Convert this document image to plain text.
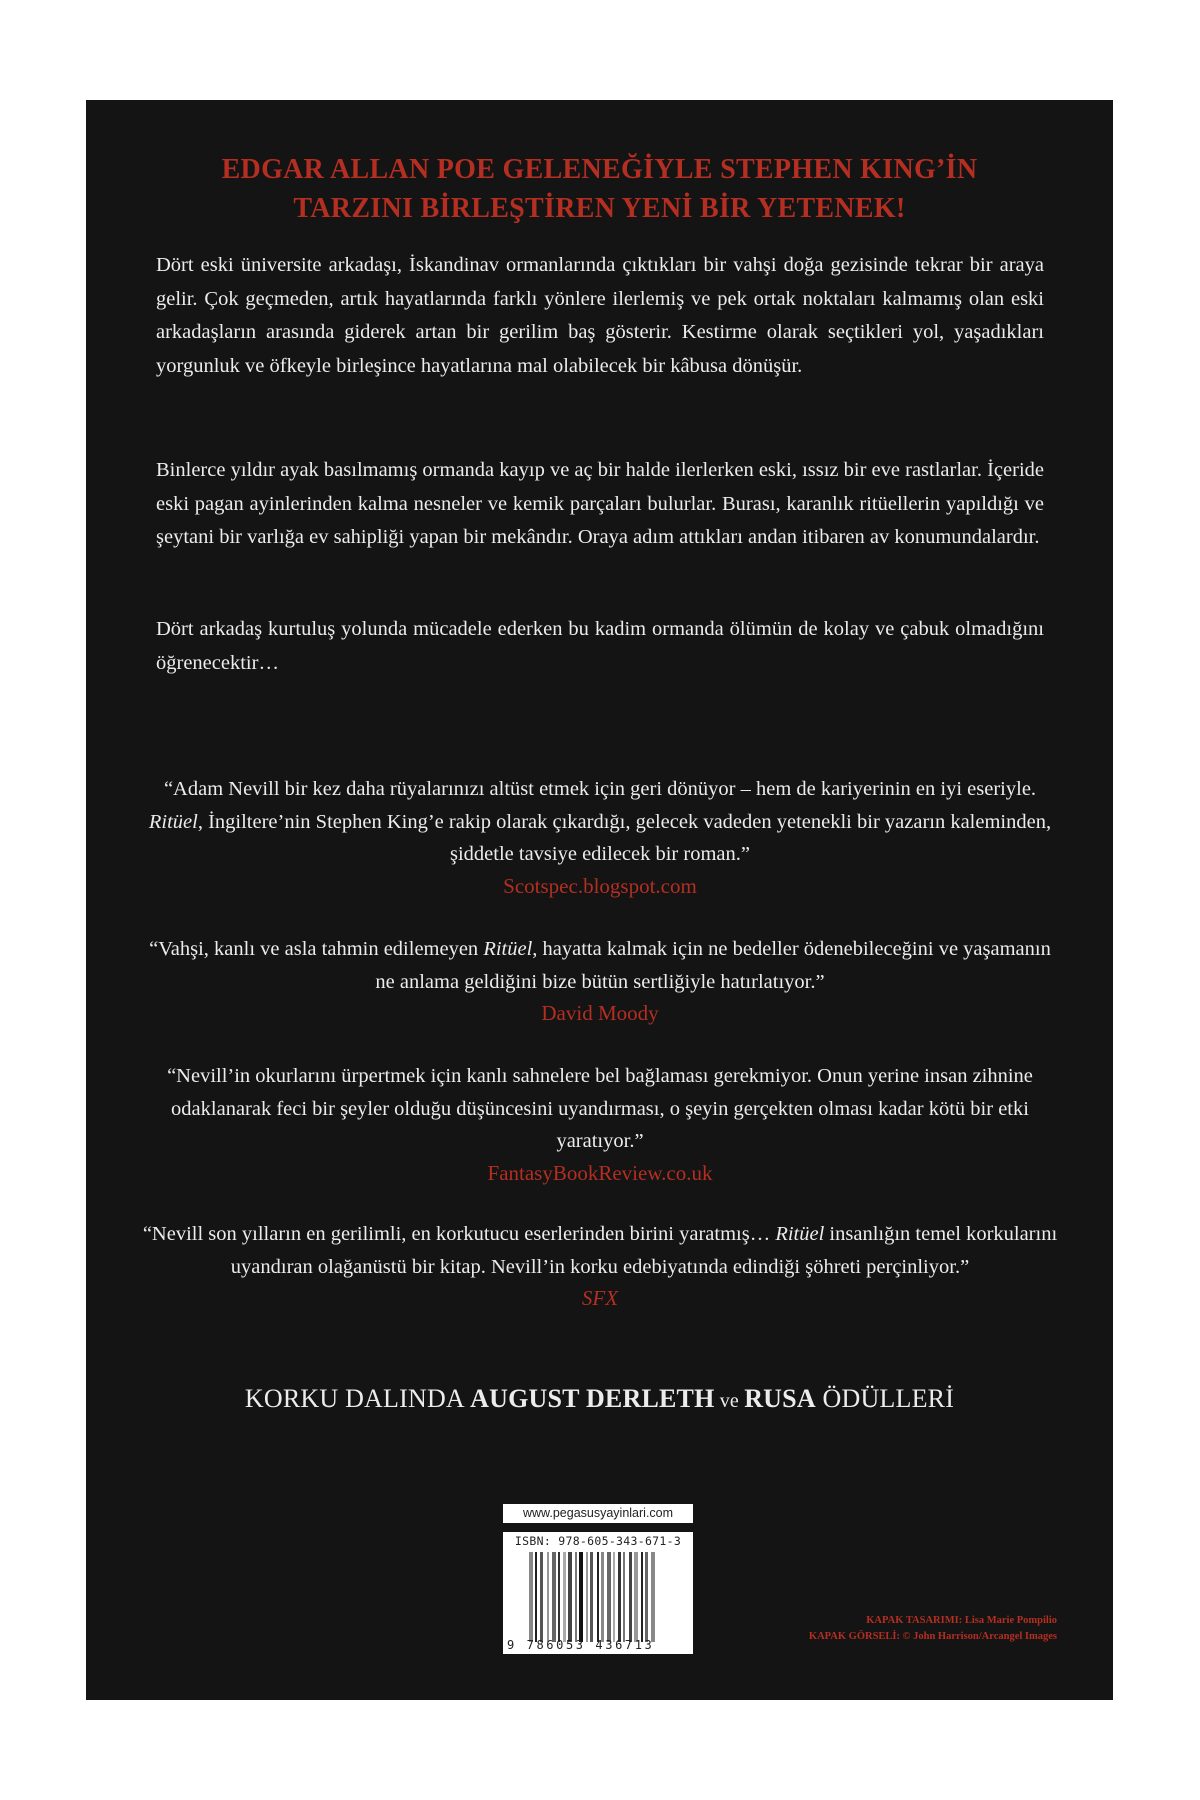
EDGAR ALLAN POE GELENEĞİYLE STEPHEN KING’İN
TARZINI BİRLEŞTİREN YENİ BİR YETENEK!
Dört eski üniversite arkadaşı, İskandinav ormanlarında çıktıkları bir vahşi doğa gezisinde tekrar bir araya gelir. Çok geçmeden, artık hayatlarında farklı yönlere ilerlemiş ve pek ortak noktaları kalmamış olan eski arkadaşların arasında giderek artan bir gerilim baş gösterir. Kestirme olarak seçtikleri yol, yaşadıkları yorgunluk ve öfkeyle birleşince hayatlarına mal olabilecek bir kâbusa dönüşür.
Binlerce yıldır ayak basılmamış ormanda kayıp ve aç bir halde ilerlerken eski, ıssız bir eve rastlarlar. İçeride eski pagan ayinlerinden kalma nesneler ve kemik parçaları bulurlar. Burası, karanlık ritüellerin yapıldığı ve şeytani bir varlığa ev sahipliği yapan bir mekândır. Oraya adım attıkları andan itibaren av konumundalardır.
Dört arkadaş kurtuluş yolunda mücadele ederken bu kadim ormanda ölümün de kolay ve çabuk olmadığını öğrenecektir…
“Adam Nevill bir kez daha rüyalarınızı altüst etmek için geri dönüyor – hem de kariyerinin en iyi eseriyle. Ritüel, İngiltere’nin Stephen King’e rakip olarak çıkardığı, gelecek vadeden yetenekli bir yazarın kaleminden, şiddetle tavsiye edilecek bir roman.”
Scotspec.blogspot.com
“Vahşi, kanlı ve asla tahmin edilemeyen Ritüel, hayatta kalmak için ne bedeller ödenebileceğini ve yaşamanın ne anlama geldiğini bize bütün sertliğiyle hatırlatıyor.”
David Moody
“Nevill’in okurlarını ürpertmek için kanlı sahnelere bel bağlaması gerekmiyor. Onun yerine insan zihnine odaklanarak feci bir şeyler olduğu düşüncesini uyandırması, o şeyin gerçekten olması kadar kötü bir etki yaratıyor.”
FantasyBookReview.co.uk
“Nevill son yılların en gerilimli, en korkutucu eserlerinden birini yaratmış… Ritüel insanlığın temel korkularını uyandıran olağanüstü bir kitap. Nevill’in korku edebiyatında edindiği şöhreti perçinliyor.”
SFX
KORKU DALINDA AUGUST DERLETH ve RUSA ÖDÜLLERİ
www.pegasusyayinlari.com
ISBN: 978-605-343-671-3
9 786053 436713
KAPAK TASARIMI: Lisa Marie Pompilio
KAPAK GÖRSELİ: © John Harrison/Arcangel Images
